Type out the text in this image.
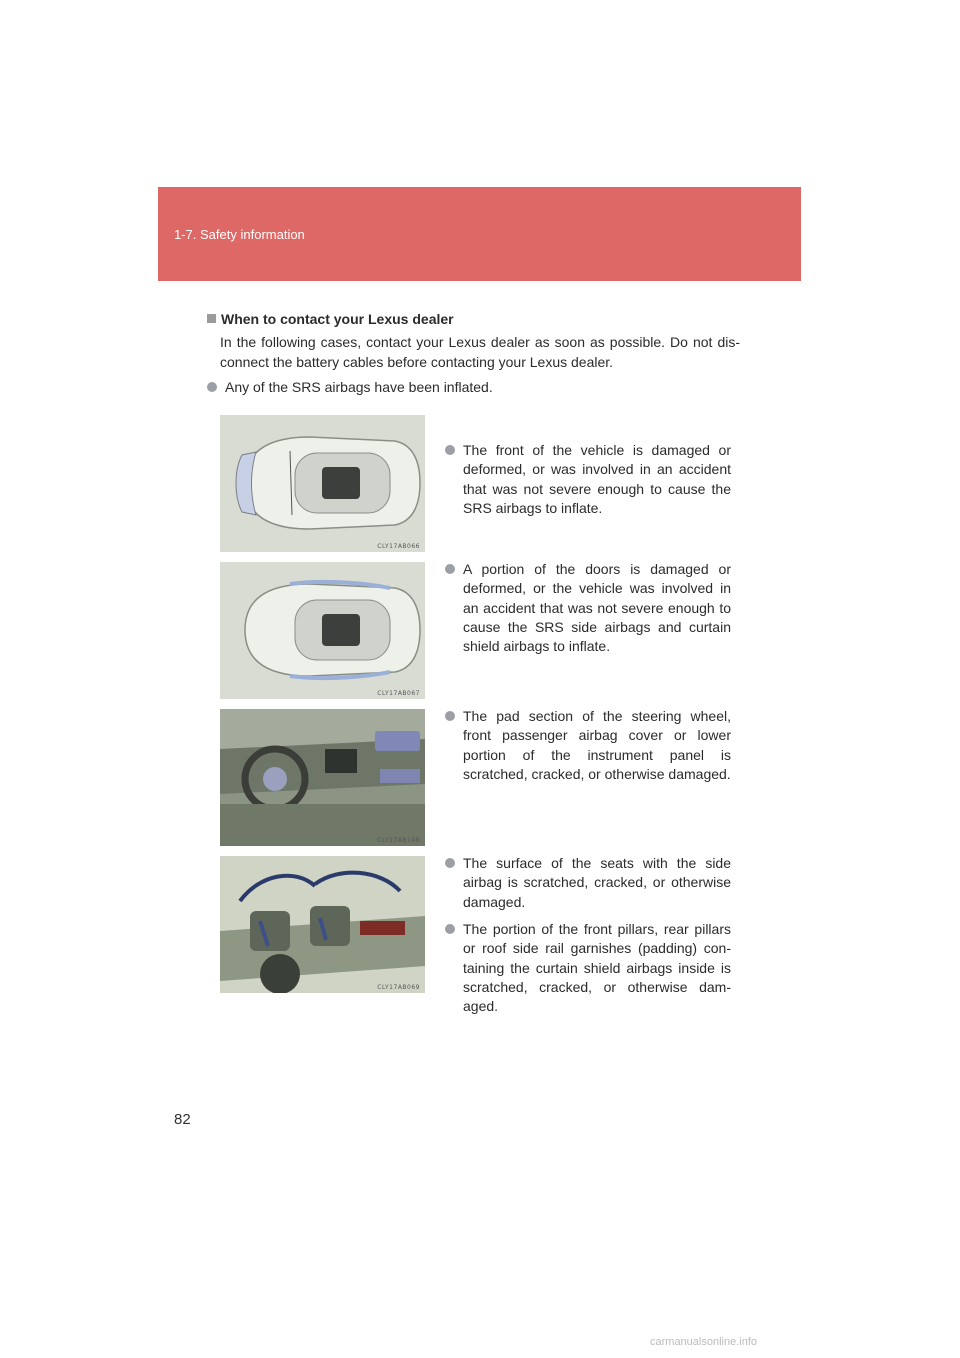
1-7. Safety information
When to contact your Lexus dealer
In the following cases, contact your Lexus dealer as soon as possible. Do not dis-connect the battery cables before contacting your Lexus dealer.
Any of the SRS airbags have been inflated.
CLY17AB066
The front of the vehicle is damaged or deformed, or was involved in an accident that was not severe enough to cause the SRS airbags to inflate.
CLY17AB067
A portion of the doors is damaged or deformed, or the vehicle was involved in an accident that was not severe enough to cause the SRS side airbags and curtain shield airbags to inflate.
CLY17AB149
The pad section of the steering wheel, front passenger airbag cover or lower portion of the instrument panel is scratched, cracked, or otherwise damaged.
CLY17AB069
The surface of the seats with the side airbag is scratched, cracked, or otherwise damaged.
The portion of the front pillars, rear pillars or roof side rail garnishes (padding) con-taining the curtain shield airbags inside is scratched, cracked, or otherwise dam-aged.
82
carmanualsonline.info
